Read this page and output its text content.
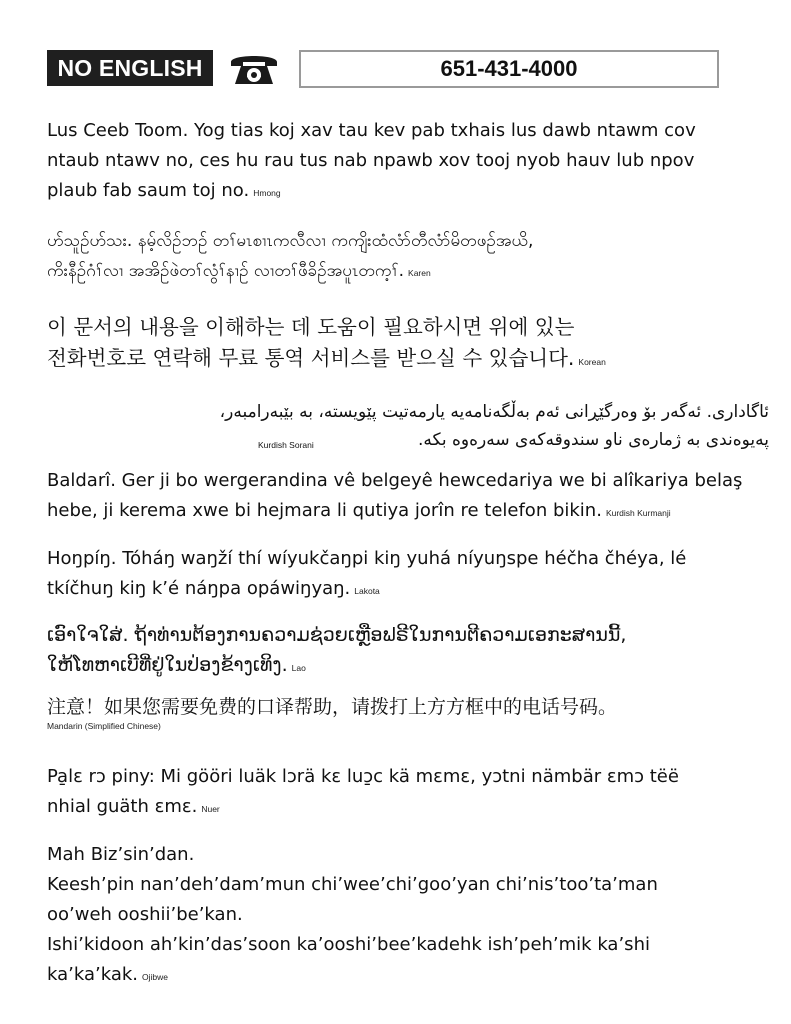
NO ENGLISH	651-431-4000
Lus Ceeb Toom. Yog tias koj xav tau kev pab txhais lus dawb ntawm cov
ntaub ntawv no, ces hu rau tus nab npawb xov tooj nyob hauv lub npov
plaub fab saum toj no. Hmong
ဟ်သူဉ်ဟ်သး. နမ့်လိဉ်ဘဉ် တၢ်မၤစၢၤကလီလၢ ကကျိးထံလံာ်တီလံာ်မိတဖဉ်အယိ,
ကိးနီဉ်ဂံၢ်လၢ အအိဉ်ဖဲတၢ်လွံၢ်နၢဉ် လၢတၢ်ဖီခိဉ်အပူၤတက့ၢ်. Karen
이 문서의 내용을 이해하는 데 도움이 필요하시면 위에 있는
전화번호로 연락해 무료 통역 서비스를 받으실 수 있습니다. Korean
ئاگاداری. ئەگەر بۆ وەرگێڕانی ئەم بەڵگەنامەیە یارمەتیت پێویستە، بە بێبەرامبەر،
پەیوەندی بە ژمارەی ناو سندوقەکەی سەرەوە بکە.
Kurdish Sorani
Baldarî. Ger ji bo wergerandina vê belgeyê hewcedariya we bi alîkariya belaş
hebe, ji kerema xwe bi hejmara li qutiya jorîn re telefon bikin. Kurdish Kurmanji
Hoŋpíŋ. Tóháŋ waŋží thí wíyukčaŋpi kiŋ yuhá níyuŋspe héčha čhéya, lé
tkíčhuŋ kiŋ k’é náŋpa opáwiŋyaŋ. Lakota
ເອົາໃຈໃສ່. ຖ້າທ່ານຕ້ອງການຄວາມຊ່ວຍເຫຼືອຟຣີໃນການຕີຄວາມເອກະສານນີ້,
ໃຫ້ໂທຫາເບີທີ່ຢູ່ໃນປ່ອງຂ້າງເທິງ. Lao
注意！如果您需要免费的口译帮助，请拨打上方方框中的电话号码。
Mandarin (Simplified Chinese)
Pa̱lɛ rɔ piny: Mi gööri luäk lɔrä kɛ luɔ̱c kä mɛmɛ, yɔtni nämbär ɛmɔ tëë
nhial guäth ɛmɛ. Nuer
Mah Biz’sin’dan.
Keesh’pin nan’deh’dam’mun chi’wee’chi’goo’yan chi’nis’too’ta’man
oo’weh ooshii’be’kan.
Ishi’kidoon ah’kin’das’soon ka’ooshi’bee’kadehk ish’peh’mik ka’shi
ka’ka’kak. Ojibwe
